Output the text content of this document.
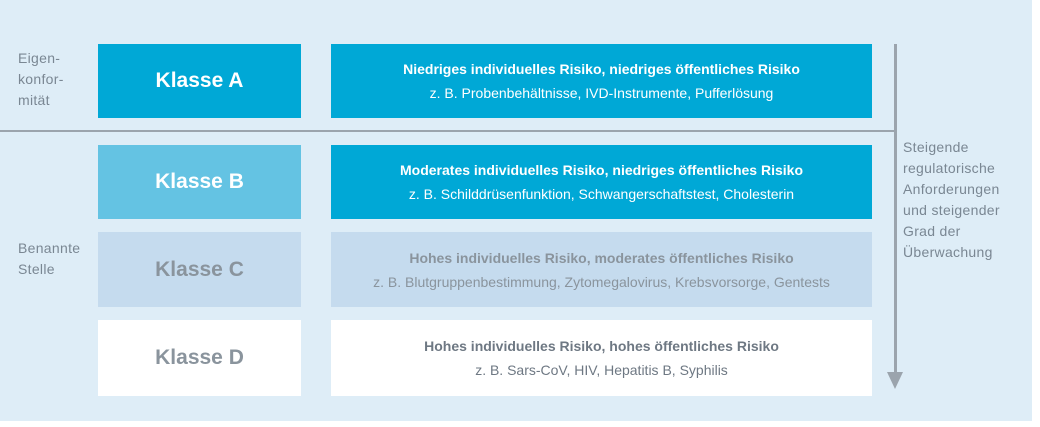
Eigen-
konfor-
mität
Benannte
Stelle
Klasse A	Niedriges individuelles Risiko, niedriges öffentliches Risiko
z. B. Probenbehältnisse, IVD-Instrumente, Pufferlösung
Klasse B	Moderates individuelles Risiko, niedriges öffentliches Risiko
z. B. Schilddrüsenfunktion, Schwangerschaftstest, Cholesterin
Klasse C	Hohes individuelles Risiko, moderates öffentliches Risiko
z. B. Blutgruppenbestimmung, Zytomegalovirus, Krebsvorsorge, Gentests
Klasse D	Hohes individuelles Risiko, hohes öffentliches Risiko
z. B. Sars-CoV, HIV, Hepatitis B, Syphilis
Steigende
regulatorische
Anforderungen
und steigender
Grad der
Überwachung
